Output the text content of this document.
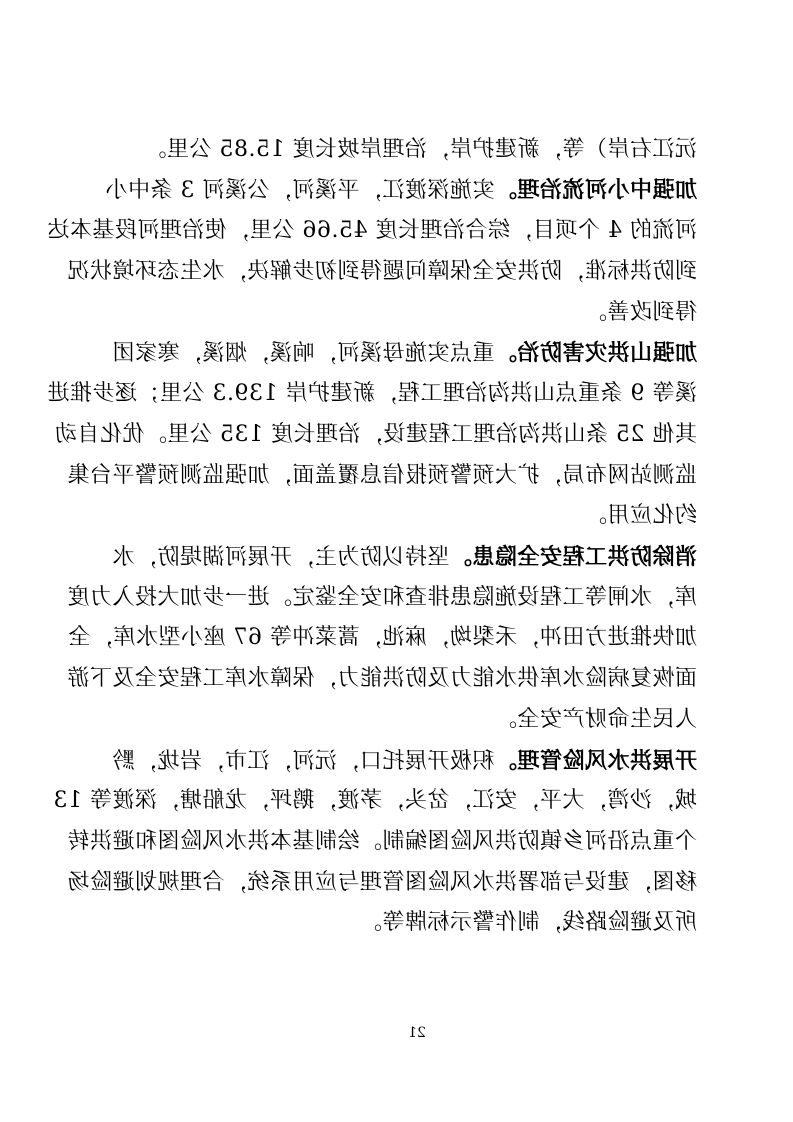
沅江右岸）等，新建护岸，治理岸坡长度 15.85 公里。
加强中小河流治理。实施深渡江，平溪河，公溪河 3 条中小
河流的 4 个项目，综合治理长度 45.66 公里，使治理河段基本达
到防洪标准，防洪安全保障问题得到初步解决，水生态环境状况
得到改善。
加强山洪灾害防治。重点实施母溪河，响溪，烟溪，寒家团
溪等 9 条重点山洪沟治理工程，新建护岸 139.3 公里；逐步推进
其他 25 条山洪沟治理工程建设，治理长度 135 公里。优化自动
监测站网布局，扩大预警预报信息覆盖面，加强监测预警平台集
约化应用。
消除防洪工程安全隐患。坚持以防为主，开展河湖堤防，水
库，水闸等工程设施隐患排查和安全鉴定。进一步加大投入力度
加快推进方田冲，禾梨坳，麻池，蒿菜冲等 67 座小型水库，全
面恢复病险水库供水能力及防洪能力，保障水库工程安全及下游
人民生命财产安全。
开展洪水风险管理。积极开展托口，沅河，江市，岩垅，黔
城，沙湾，大平，安江，岔头，茅渡，鹅坪，龙船塘，深渡等 13
个重点沿河乡镇防洪风险图编制。绘制基本洪水风险图和避洪转
移图，建设与部署洪水风险图管理与应用系统，合理规划避险场
所及避险路线，制作警示标牌等。
21
